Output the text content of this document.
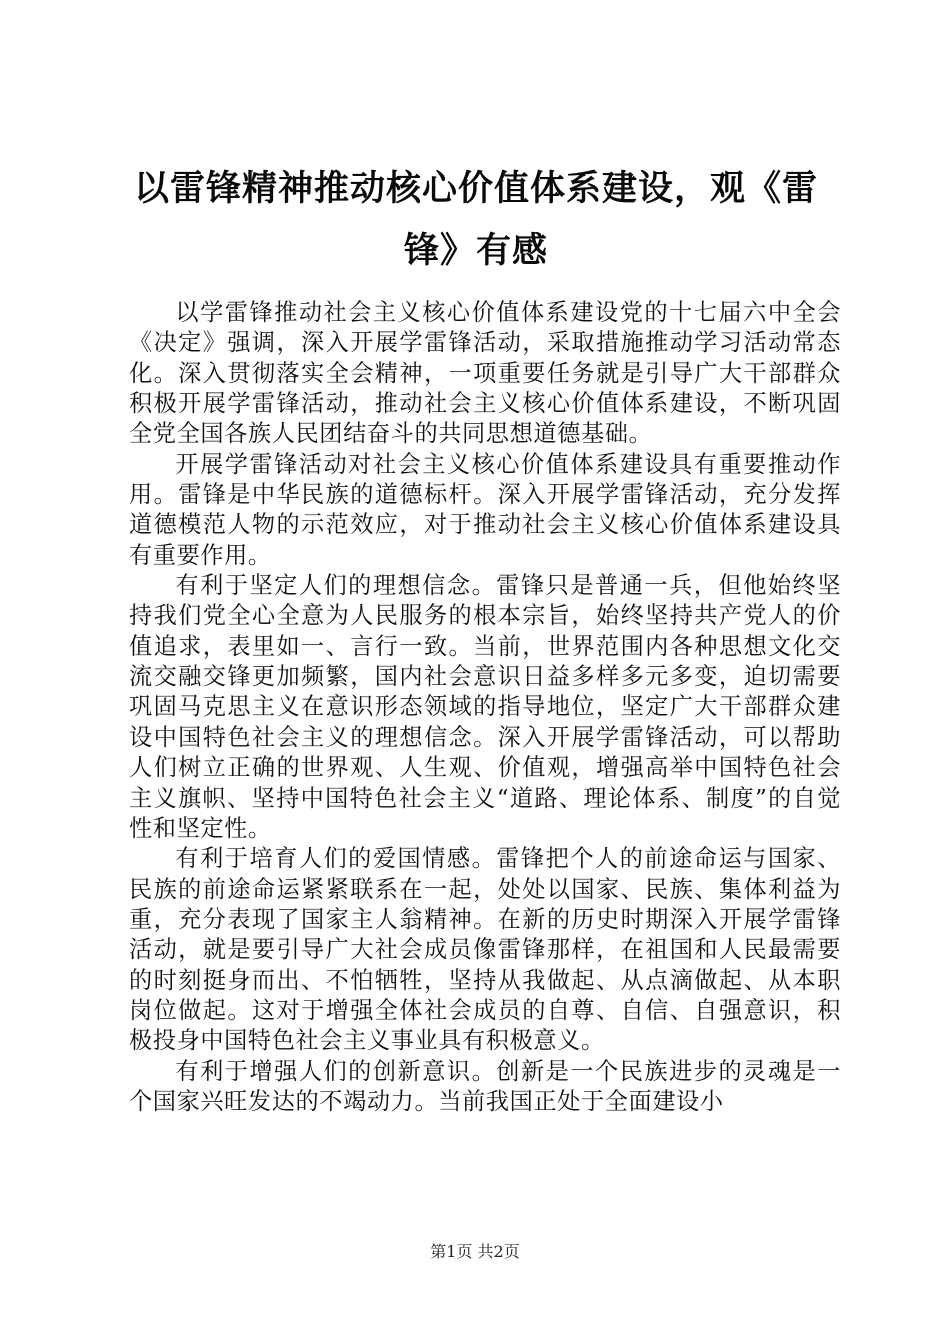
以雷锋精神推动核心价值体系建设，观《雷锋》有感

以学雷锋推动社会主义核心价值体系建设党的十七届六中全会《决定》强调，深入开展学雷锋活动，采取措施推动学习活动常态化。深入贯彻落实全会精神，一项重要任务就是引导广大干部群众积极开展学雷锋活动，推动社会主义核心价值体系建设，不断巩固全党全国各族人民团结奋斗的共同思想道德基础。

开展学雷锋活动对社会主义核心价值体系建设具有重要推动作用。雷锋是中华民族的道德标杆。深入开展学雷锋活动，充分发挥道德模范人物的示范效应，对于推动社会主义核心价值体系建设具有重要作用。

有利于坚定人们的理想信念。雷锋只是普通一兵，但他始终坚持我们党全心全意为人民服务的根本宗旨，始终坚持共产党人的价值追求，表里如一、言行一致。当前，世界范围内各种思想文化交流交融交锋更加频繁，国内社会意识日益多样多元多变，迫切需要巩固马克思主义在意识形态领域的指导地位，坚定广大干部群众建设中国特色社会主义的理想信念。深入开展学雷锋活动，可以帮助人们树立正确的世界观、人生观、价值观，增强高举中国特色社会主义旗帜、坚持中国特色社会主义“道路、理论体系、制度”的自觉性和坚定性。

有利于培育人们的爱国情感。雷锋把个人的前途命运与国家、民族的前途命运紧紧联系在一起，处处以国家、民族、集体利益为重，充分表现了国家主人翁精神。在新的历史时期深入开展学雷锋活动，就是要引导广大社会成员像雷锋那样，在祖国和人民最需要的时刻挺身而出、不怕牺牲，坚持从我做起、从点滴做起、从本职岗位做起。这对于增强全体社会成员的自尊、自信、自强意识，积极投身中国特色社会主义事业具有积极意义。

有利于增强人们的创新意识。创新是一个民族进步的灵魂是一个国家兴旺发达的不竭动力。当前我国正处于全面建设小

第1页 共2页
